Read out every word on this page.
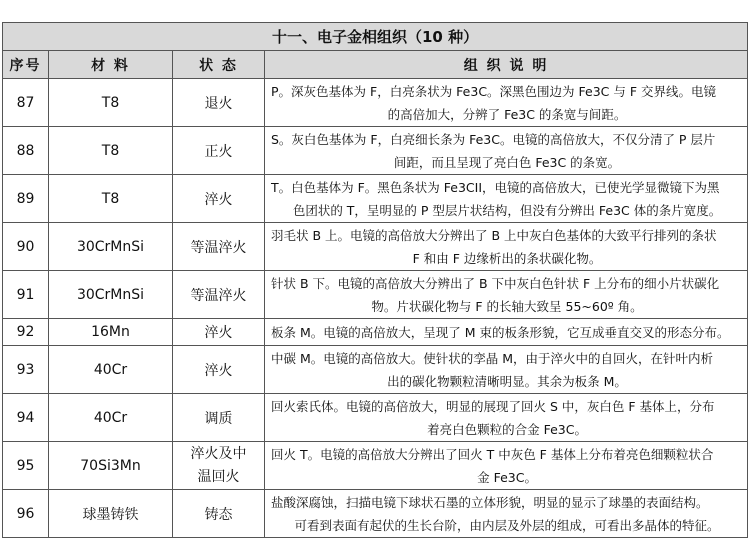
十一、电子金相组织（10 种）			
序号	材 料	状 态	组 织 说 明
87	T8	退火	P。深灰色基体为 F，白亮条状为 Fe3C。深黑色围边为 Fe3C 与 F 交界线。电镜
的高倍加大，分辨了 Fe3C 的条宽与间距。

88	T8	正火	S。灰白色基体为 F，白亮细长条为 Fe3C。电镜的高倍放大，不仅分清了 P 层片
间距，而且呈现了亮白色 Fe3C 的条宽。

89	T8	淬火	T。白色基体为 F。黑色条状为 Fe3CII，电镜的高倍放大，已使光学显微镜下为黑
色团状的 T，呈明显的 P 型层片状结构，但没有分辨出 Fe3C 体的条片宽度。

90	30CrMnSi	等温淬火	羽毛状 B 上。电镜的高倍放大分辨出了 B 上中灰白色基体的大致平行排列的条状
F 和由 F 边缘析出的条状碳化物。

91	30CrMnSi	等温淬火	针状 B 下。电镜的高倍放大分辨出了 B 下中灰白色针状 F 上分布的细小片状碳化
物。片状碳化物与 F 的长轴大致呈 55~60º 角。

92	16Mn	淬火	板条 M。电镜的高倍放大，呈现了 M 束的板条形貌，它互成垂直交叉的形态分布。

93	40Cr	淬火	中碳 M。电镜的高倍放大。使针状的孪晶 M，由于淬火中的自回火，在针叶内析
出的碳化物颗粒清晰明显。其余为板条 M。

94	40Cr	调质	回火索氏体。电镜的高倍放大，明显的展现了回火 S 中，灰白色 F 基体上，分布
着亮白色颗粒的合金 Fe3C。

95	70Si3Mn	淬火及中
温回火	回火 T。电镜的高倍放大分辨出了回火 T 中灰色 F 基体上分布着亮色细颗粒状合
金 Fe3C。

96	球墨铸铁	铸态	盐酸深腐蚀，扫描电镜下球状石墨的立体形貌，明显的显示了球墨的表面结构。
可看到表面有起伏的生长台阶，由内层及外层的组成，可看出多晶体的特征。
